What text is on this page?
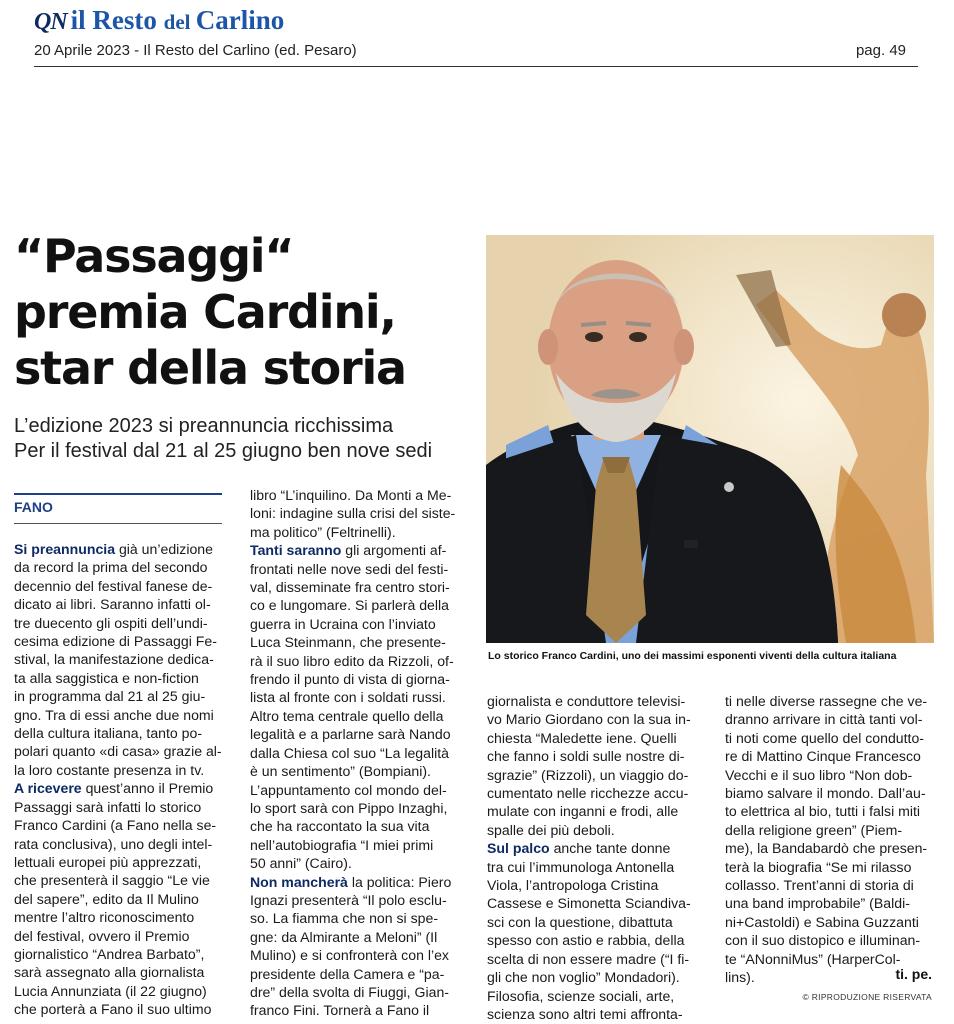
QN il Resto del Carlino
20 Aprile 2023 - Il Resto del Carlino (ed. Pesaro)	pag. 49
“Passaggi“
premia Cardini,
star della storia
L’edizione 2023 si preannuncia ricchissima
Per il festival dal 21 al 25 giugno ben nove sedi
Lo storico Franco Cardini, uno dei massimi esponenti viventi della cultura italiana
FANO
Si preannuncia già un’edizione
da record la prima del secondo
decennio del festival fanese de-
dicato ai libri. Saranno infatti ol-
tre duecento gli ospiti dell’undi-
cesima edizione di Passaggi Fe-
stival, la manifestazione dedica-
ta alla saggistica e non-fiction
in programma dal 21 al 25 giu-
gno. Tra di essi anche due nomi
della cultura italiana, tanto po-
polari quanto «di casa» grazie al-
la loro costante presenza in tv.
A ricevere quest’anno il Premio
Passaggi sarà infatti lo storico
Franco Cardini (a Fano nella se-
rata conclusiva), uno degli intel-
lettuali europei più apprezzati,
che presenterà il saggio “Le vie
del sapere”, edito da Il Mulino
mentre l’altro riconoscimento
del festival, ovvero il Premio
giornalistico “Andrea Barbato”,
sarà assegnato alla giornalista
Lucia Annunziata (il 22 giugno)
che porterà a Fano il suo ultimo
libro “L’inquilino. Da Monti a Me-
loni: indagine sulla crisi del siste-
ma politico” (Feltrinelli).
Tanti saranno gli argomenti af-
frontati nelle nove sedi del festi-
val, disseminate fra centro stori-
co e lungomare. Si parlerà della
guerra in Ucraina con l’inviato
Luca Steinmann, che presente-
rà il suo libro edito da Rizzoli, of-
frendo il punto di vista di giorna-
lista al fronte con i soldati russi.
Altro tema centrale quello della
legalità e a parlarne sarà Nando
dalla Chiesa col suo “La legalità
è un sentimento” (Bompiani).
L’appuntamento col mondo del-
lo sport sarà con Pippo Inzaghi,
che ha raccontato la sua vita
nell’autobiografia “I miei primi
50 anni” (Cairo).
Non mancherà la politica: Piero
Ignazi presenterà “Il polo esclu-
so. La fiamma che non si spe-
gne: da Almirante a Meloni” (Il
Mulino) e si confronterà con l’ex
presidente della Camera e “pa-
dre” della svolta di Fiuggi, Gian-
franco Fini. Tornerà a Fano il
giornalista e conduttore televisi-
vo Mario Giordano con la sua in-
chiesta “Maledette iene. Quelli
che fanno i soldi sulle nostre di-
sgrazie” (Rizzoli), un viaggio do-
cumentato nelle ricchezze accu-
mulate con inganni e frodi, alle
spalle dei più deboli.
Sul palco anche tante donne
tra cui l’immunologa Antonella
Viola, l’antropologa Cristina
Cassese e Simonetta Sciandiva-
sci con la questione, dibattuta
spesso con astio e rabbia, della
scelta di non essere madre (“I fi-
gli che non voglio” Mondadori).
Filosofia, scienze sociali, arte,
scienza sono altri temi affronta-
ti nelle diverse rassegne che ve-
dranno arrivare in città tanti vol-
ti noti come quello del condutto-
re di Mattino Cinque Francesco
Vecchi e il suo libro “Non dob-
biamo salvare il mondo. Dall’au-
to elettrica al bio, tutti i falsi miti
della religione green” (Piem-
me), la Bandabardò che presen-
terà la biografia “Se mi rilasso
collasso. Trent’anni di storia di
una band improbabile” (Baldi-
ni+Castoldi) e Sabina Guzzanti
con il suo distopico e illuminan-
te “ANonniMus” (HarperCol-
lins).	ti. pe.
© RIPRODUZIONE RISERVATA
